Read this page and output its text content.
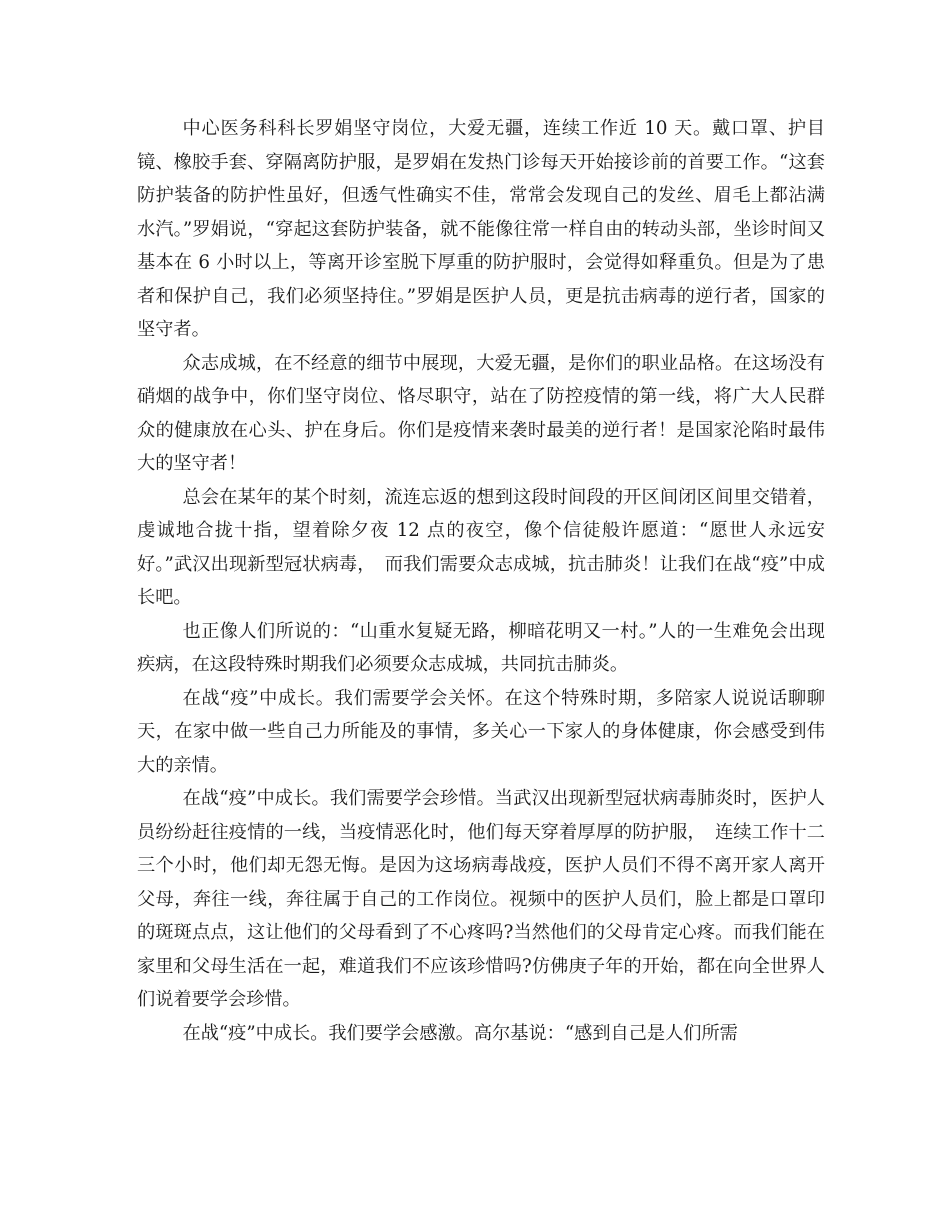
中心医务科科长罗娟坚守岗位，大爱无疆，连续工作近 10 天。戴口罩、护目镜、橡胶手套、穿隔离防护服，是罗娟在发热门诊每天开始接诊前的首要工作。“这套防护装备的防护性虽好，但透气性确实不佳，常常会发现自己的发丝、眉毛上都沾满水汽。”罗娟说，“穿起这套防护装备，就不能像往常一样自由的转动头部，坐诊时间又基本在 6 小时以上，等离开诊室脱下厚重的防护服时，会觉得如释重负。但是为了患者和保护自己，我们必须坚持住。”罗娟是医护人员，更是抗击病毒的逆行者，国家的坚守者。

众志成城，在不经意的细节中展现，大爱无疆，是你们的职业品格。在这场没有硝烟的战争中，你们坚守岗位、恪尽职守，站在了防控疫情的第一线，将广大人民群众的健康放在心头、护在身后。你们是疫情来袭时最美的逆行者！是国家沦陷时最伟大的坚守者！

总会在某年的某个时刻，流连忘返的想到这段时间段的开区间闭区间里交错着，虔诚地合拢十指，望着除夕夜 12 点的夜空，像个信徒般许愿道：“愿世人永远安好。”武汉出现新型冠状病毒，　而我们需要众志成城，抗击肺炎！让我们在战“疫”中成长吧。

也正像人们所说的：“山重水复疑无路，柳暗花明又一村。”人的一生难免会出现疾病，在这段特殊时期我们必须要众志成城，共同抗击肺炎。

在战“疫”中成长。我们需要学会关怀。在这个特殊时期，多陪家人说说话聊聊天，在家中做一些自己力所能及的事情，多关心一下家人的身体健康，你会感受到伟大的亲情。

在战“疫”中成长。我们需要学会珍惜。当武汉出现新型冠状病毒肺炎时，医护人员纷纷赶往疫情的一线，当疫情恶化时，他们每天穿着厚厚的防护服，　连续工作十二三个小时，他们却无怨无悔。是因为这场病毒战疫，医护人员们不得不离开家人离开父母，奔往一线，奔往属于自己的工作岗位。视频中的医护人员们，脸上都是口罩印的斑斑点点，这让他们的父母看到了不心疼吗?当然他们的父母肯定心疼。而我们能在家里和父母生活在一起，难道我们不应该珍惜吗?仿佛庚子年的开始，都在向全世界人们说着要学会珍惜。

在战“疫”中成长。我们要学会感激。高尔基说：“感到自己是人们所需
